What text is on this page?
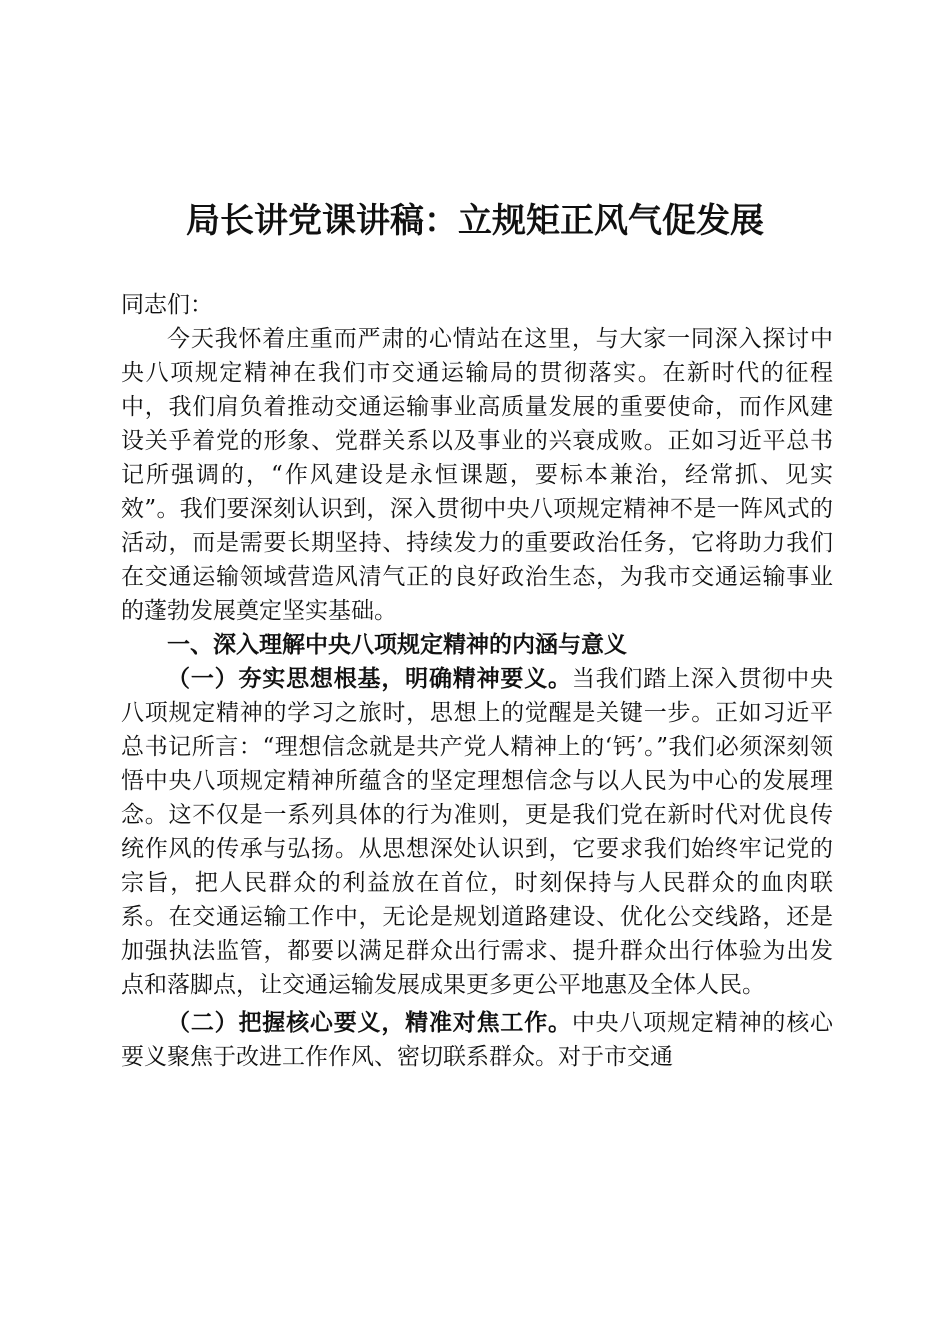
局长讲党课讲稿：立规矩正风气促发展

同志们：

今天我怀着庄重而严肃的心情站在这里，与大家一同深入探讨中央八项规定精神在我们市交通运输局的贯彻落实。在新时代的征程中，我们肩负着推动交通运输事业高质量发展的重要使命，而作风建设关乎着党的形象、党群关系以及事业的兴衰成败。正如习近平总书记所强调的，“作风建设是永恒课题，要标本兼治，经常抓、见实效”。我们要深刻认识到，深入贯彻中央八项规定精神不是一阵风式的活动，而是需要长期坚持、持续发力的重要政治任务，它将助力我们在交通运输领域营造风清气正的良好政治生态，为我市交通运输事业的蓬勃发展奠定坚实基础。

一、深入理解中央八项规定精神的内涵与意义

（一）夯实思想根基，明确精神要义。当我们踏上深入贯彻中央八项规定精神的学习之旅时，思想上的觉醒是关键一步。正如习近平总书记所言：“理想信念就是共产党人精神上的‘钙’。”我们必须深刻领悟中央八项规定精神所蕴含的坚定理想信念与以人民为中心的发展理念。这不仅是一系列具体的行为准则，更是我们党在新时代对优良传统作风的传承与弘扬。从思想深处认识到，它要求我们始终牢记党的宗旨，把人民群众的利益放在首位，时刻保持与人民群众的血肉联系。在交通运输工作中，无论是规划道路建设、优化公交线路，还是加强执法监管，都要以满足群众出行需求、提升群众出行体验为出发点和落脚点，让交通运输发展成果更多更公平地惠及全体人民。

（二）把握核心要义，精准对焦工作。中央八项规定精神的核心要义聚焦于改进工作作风、密切联系群众。对于市交通
